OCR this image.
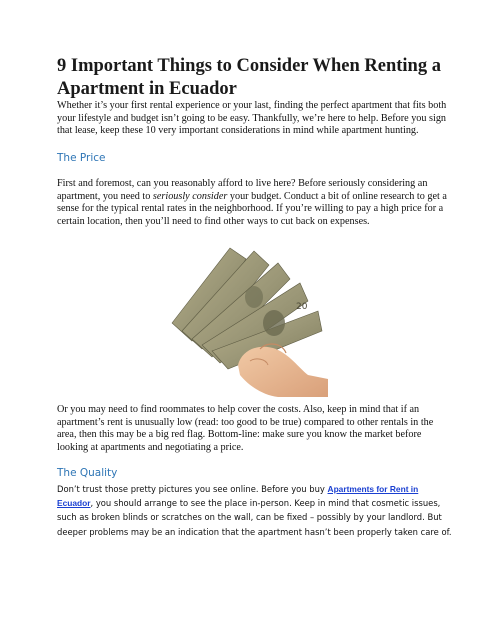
9 Important Things to Consider When Renting a Apartment in Ecuador

Whether it’s your first rental experience or your last, finding the perfect apartment that fits both your lifestyle and budget isn’t going to be easy. Thankfully, we’re here to help. Before you sign that lease, keep these 10 very important considerations in mind while apartment hunting.

The Price

First and foremost, can you reasonably afford to live here? Before seriously considering an apartment, you need to seriously consider your budget. Conduct a bit of online research to get a sense for the typical rental rates in the neighborhood. If you’re willing to pay a high price for a certain location, then you’ll need to find other ways to cut back on expenses.

20

Or you may need to find roommates to help cover the costs. Also, keep in mind that if an apartment’s rent is unusually low (read: too good to be true) compared to other rentals in the area, then this may be a big red flag. Bottom-line: make sure you know the market before looking at apartments and negotiating a price.

The Quality

Don’t trust those pretty pictures you see online. Before you buy Apartments for Rent in Ecuador, you should arrange to see the place in-person. Keep in mind that cosmetic issues, such as broken blinds or scratches on the wall, can be fixed – possibly by your landlord. But deeper problems may be an indication that the apartment hasn’t been properly taken care of.
